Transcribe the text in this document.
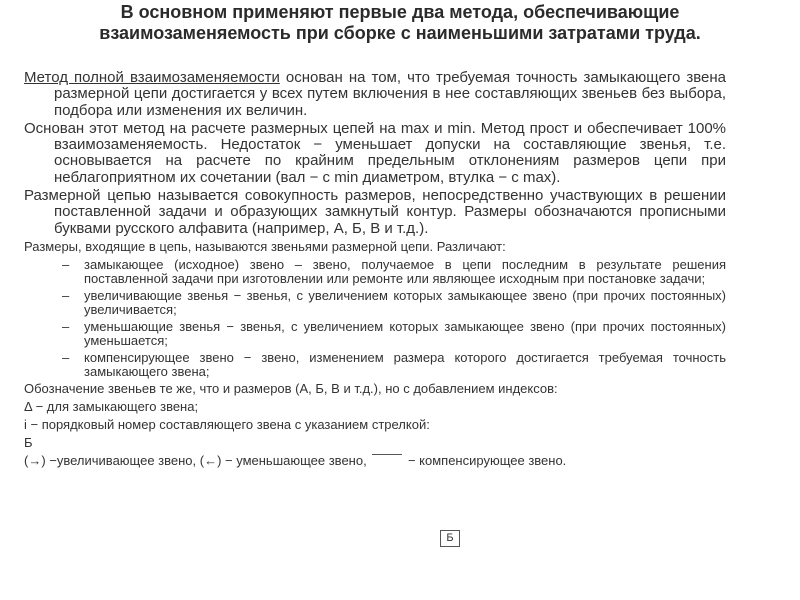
В основном применяют первые два метода, обеспечивающие
взаимозаменяемость при сборке с наименьшими затратами труда.

Метод полной взаимозаменяемости основан на том, что требуемая точность замыкающего звена размерной цепи достигается у всех путем включения в нее составляющих звеньев без выбора, подбора или изменения их величин.

Основан этот метод на расчете размерных цепей на max и min. Метод прост и обеспечивает 100% взаимозаменяемость. Недостаток − уменьшает допуски на составляющие звенья, т.е. основывается на расчете по крайним предельным отклонениям размеров цепи при неблагоприятном их сочетании (вал − с min диаметром, втулка − с max).

Размерной цепью называется совокупность размеров, непосредственно участвующих в решении поставленной задачи и образующих замкнутый контур. Размеры обозначаются прописными буквами русского алфавита (например, А, Б, В и т.д.).

Размеры, входящие в цепь, называются звеньями размерной цепи. Различают:

– замыкающее (исходное) звено – звено, получаемое в цепи последним в результате решения поставленной задачи при изготовлении или ремонте или являющее исходным при постановке задачи;
– увеличивающие звенья − звенья, с увеличением которых замыкающее звено (при прочих постоянных) увеличивается;
– уменьшающие звенья − звенья, с увеличением которых замыкающее звено (при прочих постоянных) уменьшается;
– компенсирующее звено − звено, изменением размера которого достигается требуемая точность замыкающего звена;

Обозначение звеньев те же, что и размеров (А, Б, В и т.д.), но с добавлением индексов:

Δ − для замыкающего звена;

i − порядковый номер составляющего звена с указанием стрелкой:

Б

(→) −увеличивающее звено, (←) − уменьшающее звено,	− компенсирующее звено.

Б
